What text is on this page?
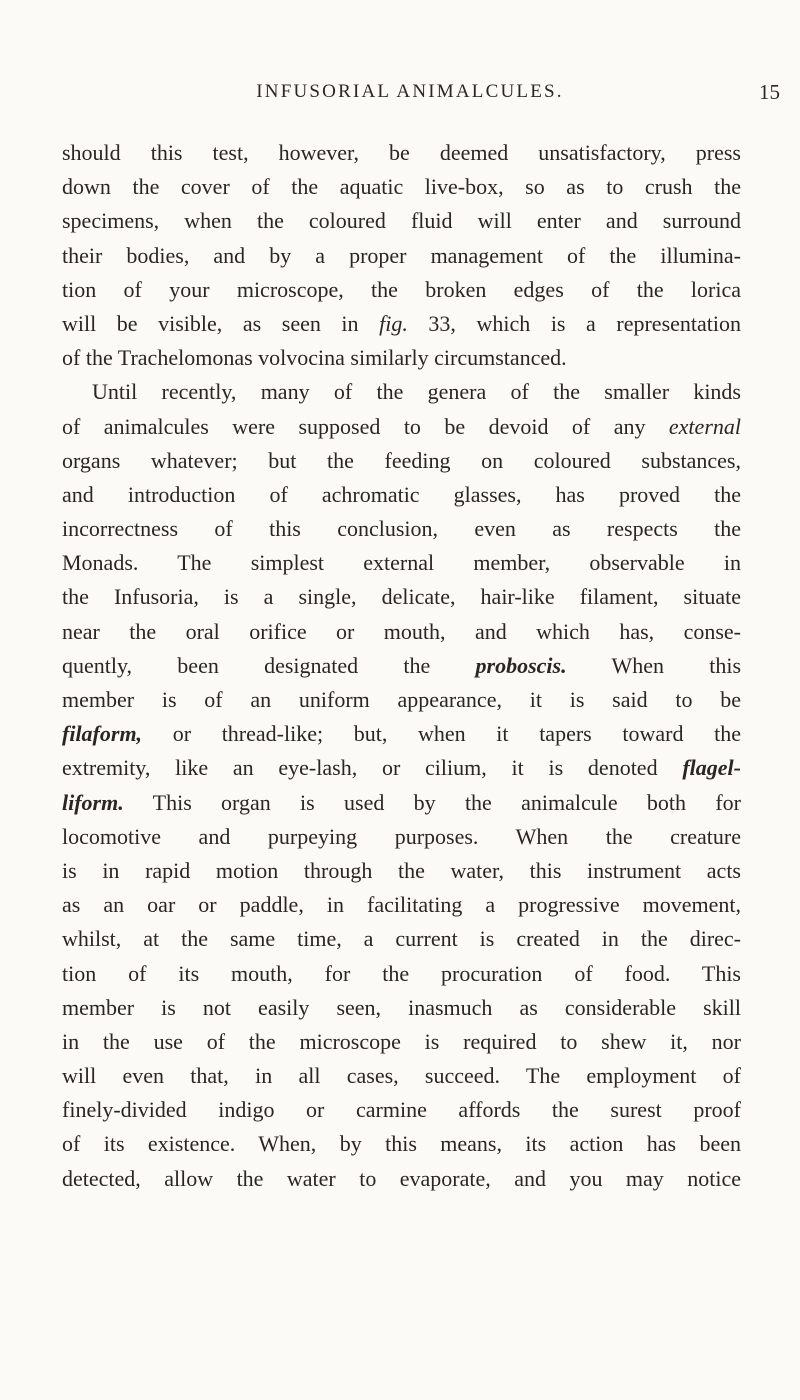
INFUSORIAL ANIMALCULES.	15
should this test, however, be deemed unsatisfactory, press
down the cover of the aquatic live-box, so as to crush the
specimens, when the coloured fluid will enter and surround
their bodies, and by a proper management of the illumina-
tion of your microscope, the broken edges of the lorica
will be visible, as seen in fig. 33, which is a representation
of the Trachelomonas volvocina similarly circumstanced.
Until recently, many of the genera of the smaller kinds
of animalcules were supposed to be devoid of any external
organs whatever; but the feeding on coloured substances,
and introduction of achromatic glasses, has proved the
incorrectness of this conclusion, even as respects the
Monads. The simplest external member, observable in
the Infusoria, is a single, delicate, hair-like filament, situate
near the oral orifice or mouth, and which has, conse-
quently, been designated the proboscis. When this
member is of an uniform appearance, it is said to be
filaform, or thread-like; but, when it tapers toward the
extremity, like an eye-lash, or cilium, it is denoted flagel-
liform. This organ is used by the animalcule both for
locomotive and purpeying purposes. When the creature
is in rapid motion through the water, this instrument acts
as an oar or paddle, in facilitating a progressive movement,
whilst, at the same time, a current is created in the direc-
tion of its mouth, for the procuration of food. This
member is not easily seen, inasmuch as considerable skill
in the use of the microscope is required to shew it, nor
will even that, in all cases, succeed. The employment of
finely-divided indigo or carmine affords the surest proof
of its existence. When, by this means, its action has been
detected, allow the water to evaporate, and you may notice
